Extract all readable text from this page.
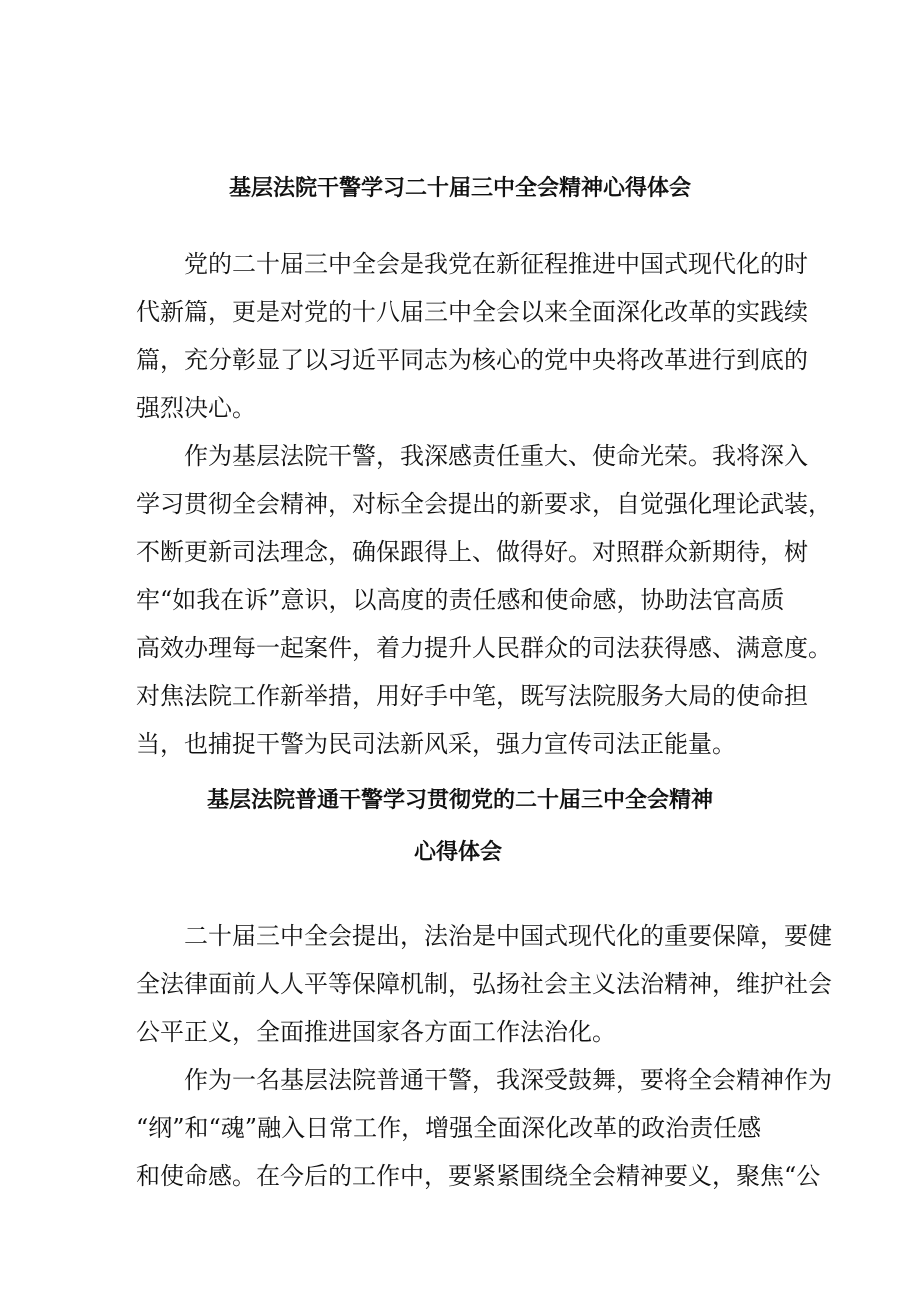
基层法院干警学习二十届三中全会精神心得体会

党的二十届三中全会是我党在新征程推进中国式现代化的时
代新篇，更是对党的十八届三中全会以来全面深化改革的实践续
篇，充分彰显了以习近平同志为核心的党中央将改革进行到底的
强烈决心。

作为基层法院干警，我深感责任重大、使命光荣。我将深入
学习贯彻全会精神，对标全会提出的新要求，自觉强化理论武装，
不断更新司法理念，确保跟得上、做得好。对照群众新期待，树
牢“如我在诉”意识，以高度的责任感和使命感，协助法官高质
高效办理每一起案件，着力提升人民群众的司法获得感、满意度。
对焦法院工作新举措，用好手中笔，既写法院服务大局的使命担
当，也捕捉干警为民司法新风采，强力宣传司法正能量。

基层法院普通干警学习贯彻党的二十届三中全会精神
心得体会

二十届三中全会提出，法治是中国式现代化的重要保障，要健
全法律面前人人平等保障机制，弘扬社会主义法治精神，维护社会
公平正义，全面推进国家各方面工作法治化。

作为一名基层法院普通干警，我深受鼓舞，要将全会精神作为
“纲”和“魂”融入日常工作，增强全面深化改革的政治责任感
和使命感。在今后的工作中，要紧紧围绕全会精神要义，聚焦“公
